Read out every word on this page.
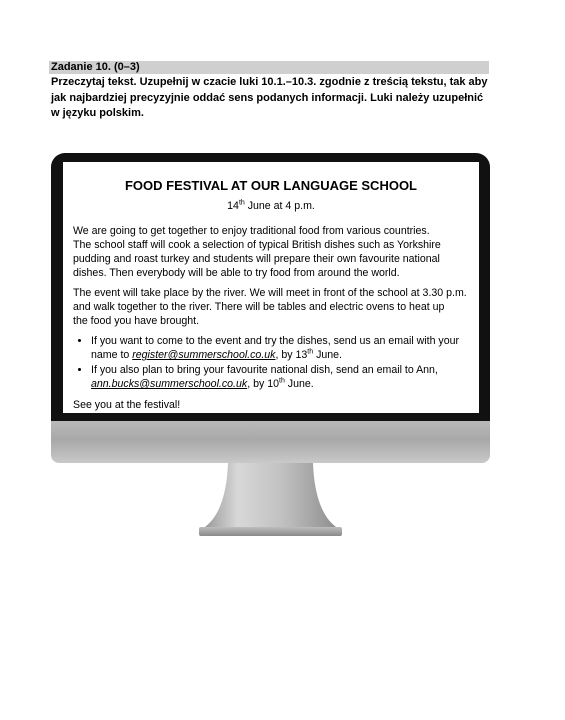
Zadanie 10. (0–3)
Przeczytaj tekst. Uzupełnij w czacie luki 10.1.–10.3. zgodnie z treścią tekstu, tak aby
jak najbardziej precyzyjnie oddać sens podanych informacji. Luki należy uzupełnić
w języku polskim.
FOOD FESTIVAL AT OUR LANGUAGE SCHOOL
14th June at 4 p.m.
We are going to get together to enjoy traditional food from various countries.
The school staff will cook a selection of typical British dishes such as Yorkshire
pudding and roast turkey and students will prepare their own favourite national
dishes. Then everybody will be able to try food from around the world.
The event will take place by the river. We will meet in front of the school at 3.30 p.m.
and walk together to the river. There will be tables and electric ovens to heat up
the food you have brought.
• If you want to come to the event and try the dishes, send us an email with your
name to register@summerschool.co.uk, by 13th June.
• If you also plan to bring your favourite national dish, send an email to Ann,
ann.bucks@summerschool.co.uk, by 10th June.
See you at the festival!
